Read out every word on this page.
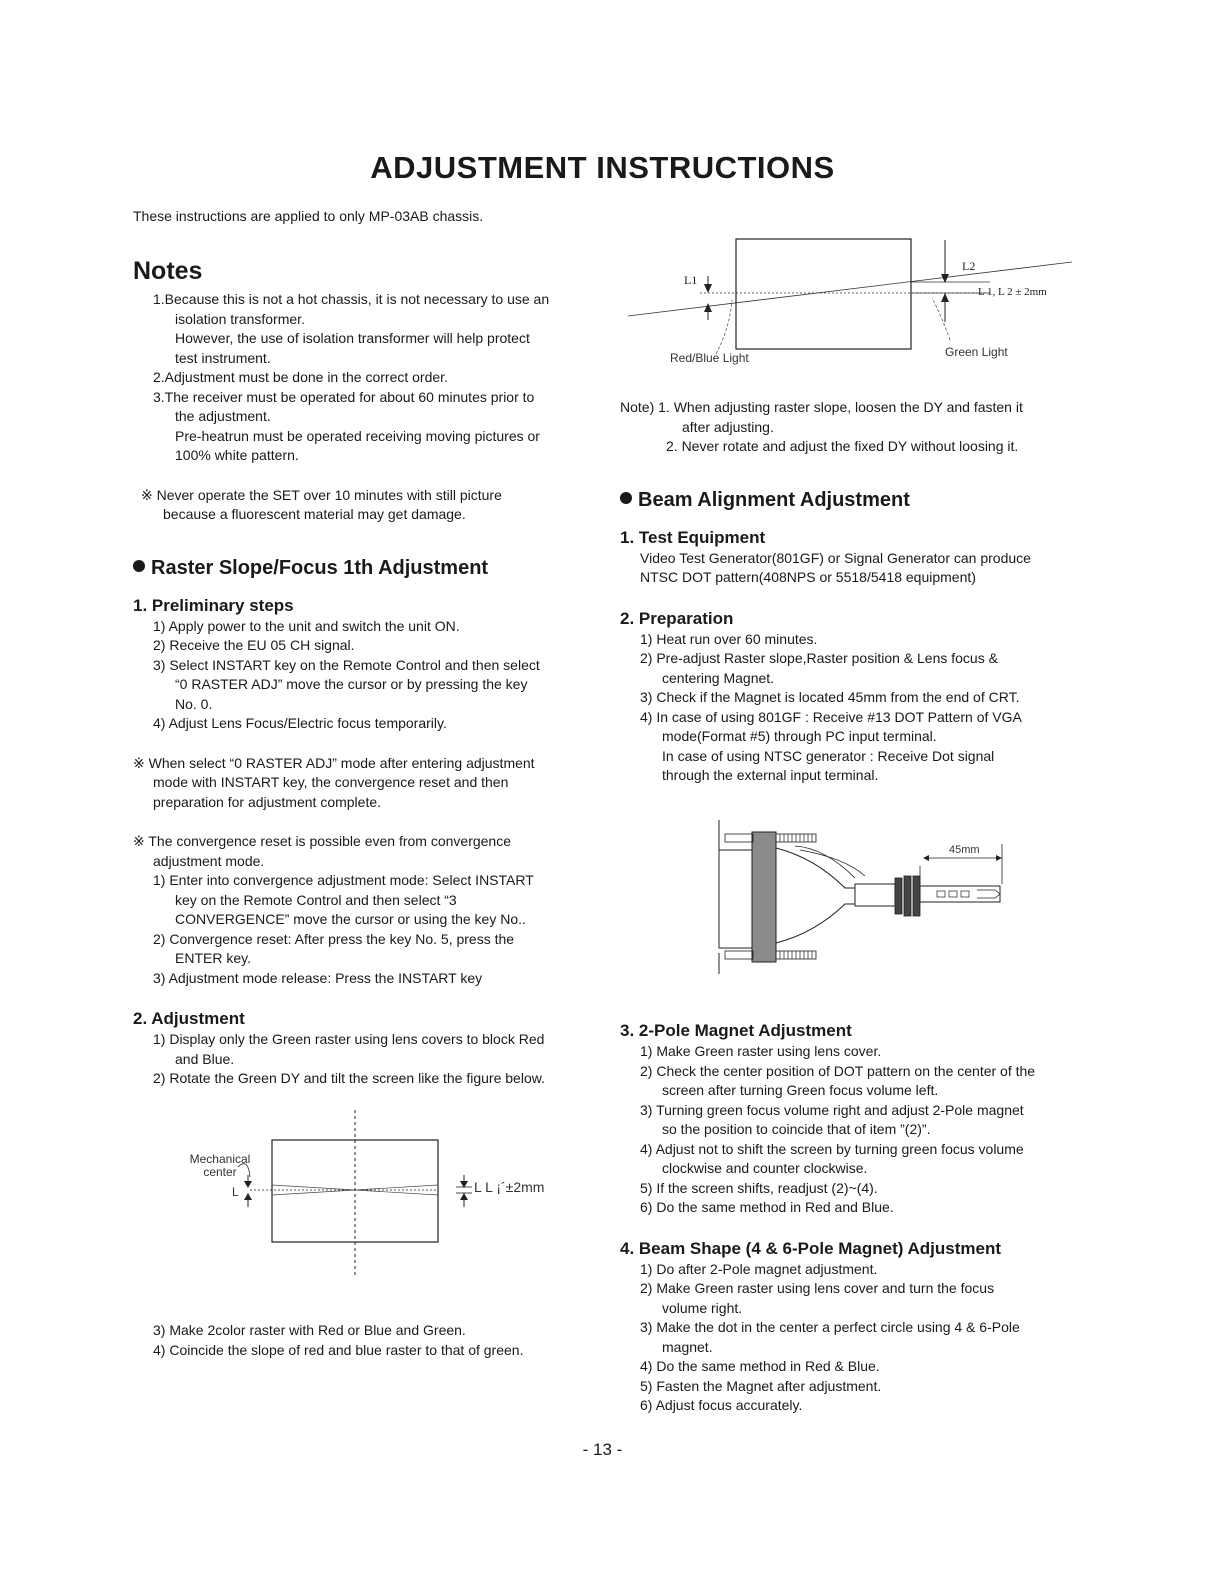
ADJUSTMENT INSTRUCTIONS
These instructions are applied to only MP-03AB chassis.

Notes

1.Because this is not a hot chassis, it is not necessary to use an

isolation transformer.

However, the use of isolation transformer will help protect

test instrument.

2.Adjustment must be done in the correct order.

3.The receiver must be operated for about 60 minutes prior to

the adjustment.

Pre-heatrun must be operated receiving moving pictures or

100% white pattern.

※ Never operate the SET over 10 minutes with still picture

because a fluorescent material may get damage.

Raster Slope/Focus 1th Adjustment

1. Preliminary steps

1) Apply power to the unit and switch the unit ON.

2) Receive the EU 05 CH signal.

3) Select INSTART key on the Remote Control and then select

“0 RASTER ADJ” move the cursor or by pressing the key

No. 0.

4) Adjust Lens Focus/Electric focus temporarily.

※ When select “0 RASTER ADJ” mode after entering adjustment

mode with INSTART key, the convergence reset and then

preparation for adjustment complete.

※ The convergence reset is possible even from convergence

adjustment mode.

1) Enter into convergence adjustment mode: Select INSTART

key on the Remote Control and then select “3

CONVERGENCE” move the cursor or using the key No..

2) Convergence reset: After press the key No. 5, press the

ENTER key.

3) Adjustment mode release: Press the INSTART key

2. Adjustment

1) Display only the Green raster using lens covers to block Red

and Blue.

2) Rotate the Green DY and tilt the screen like the figure below.

Mechanical
center
L	L L ¡´±2mm

3) Make 2color raster with Red or Blue and Green.

4) Coincide the slope of red and blue raster to that of green.

L1
L2
L 1, L 2 ± 2mm
Red/Blue Light	Green Light

Note) 1. When adjusting raster slope, loosen the DY and fasten it

after adjusting.

2. Never rotate and adjust the fixed DY without loosing it.

Beam Alignment Adjustment

1. Test Equipment

Video Test Generator(801GF) or Signal Generator can produce

NTSC DOT pattern(408NPS or 5518/5418 equipment)

2. Preparation

1) Heat run over 60 minutes.

2) Pre-adjust Raster slope,Raster position & Lens focus &

centering Magnet.

3) Check if the Magnet is located 45mm from the end of CRT.

4) In case of using 801GF : Receive #13 DOT Pattern of VGA

mode(Format #5) through PC input terminal.

In case of using NTSC generator : Receive Dot signal

through the external input terminal.

45mm

3. 2-Pole Magnet Adjustment

1) Make Green raster using lens cover.

2) Check the center position of DOT pattern on the center of the

screen after turning Green focus volume left.

3) Turning green focus volume right and adjust 2-Pole magnet

so the position to coincide that of item ”(2)”.

4) Adjust not to shift the screen by turning green focus volume

clockwise and counter clockwise.

5) If the screen shifts, readjust (2)~(4).

6) Do the same method in Red and Blue.

4. Beam Shape (4 & 6-Pole Magnet) Adjustment

1) Do after 2-Pole magnet adjustment.

2) Make Green raster using lens cover and turn the focus

volume right.

3) Make the dot in the center a perfect circle using 4 & 6-Pole

magnet.

4) Do the same method in Red & Blue.

5) Fasten the Magnet after adjustment.

6) Adjust focus accurately.

- 13 -
